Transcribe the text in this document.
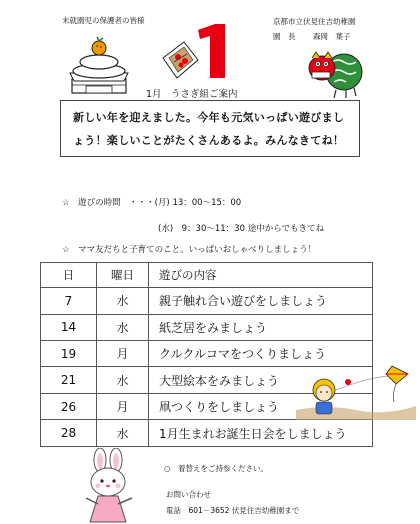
未就園児の保護者の皆様	京都市立伏見住吉幼稚園
園　長 森岡　葉子
1月　うさぎ組ご案内
新しい年を迎えました。今年も元気いっぱい遊びまし
ょう！楽しいことがたくさんあるよ。みんなきてね！
☆　遊びの時間　・・・(月) 13：00～15：00
(水)　9：30～11：30 途中からでもきてね
☆　ママ友だちと子育てのこと。いっぱいおしゃべりしましょう！
日	曜日	遊びの内容
7	水	親子触れ合い遊びをしましょう
14	水	紙芝居をみましょう
19	月	クルクルコマをつくりましょう
21	水	大型絵本をみましょう
26	月	凧つくりをしましょう
28	水	1月生まれお誕生日会をしましょう
○　着替えをご持参ください。
お問い合わせ
電話　601－3652 伏見住吉幼稚園まで
